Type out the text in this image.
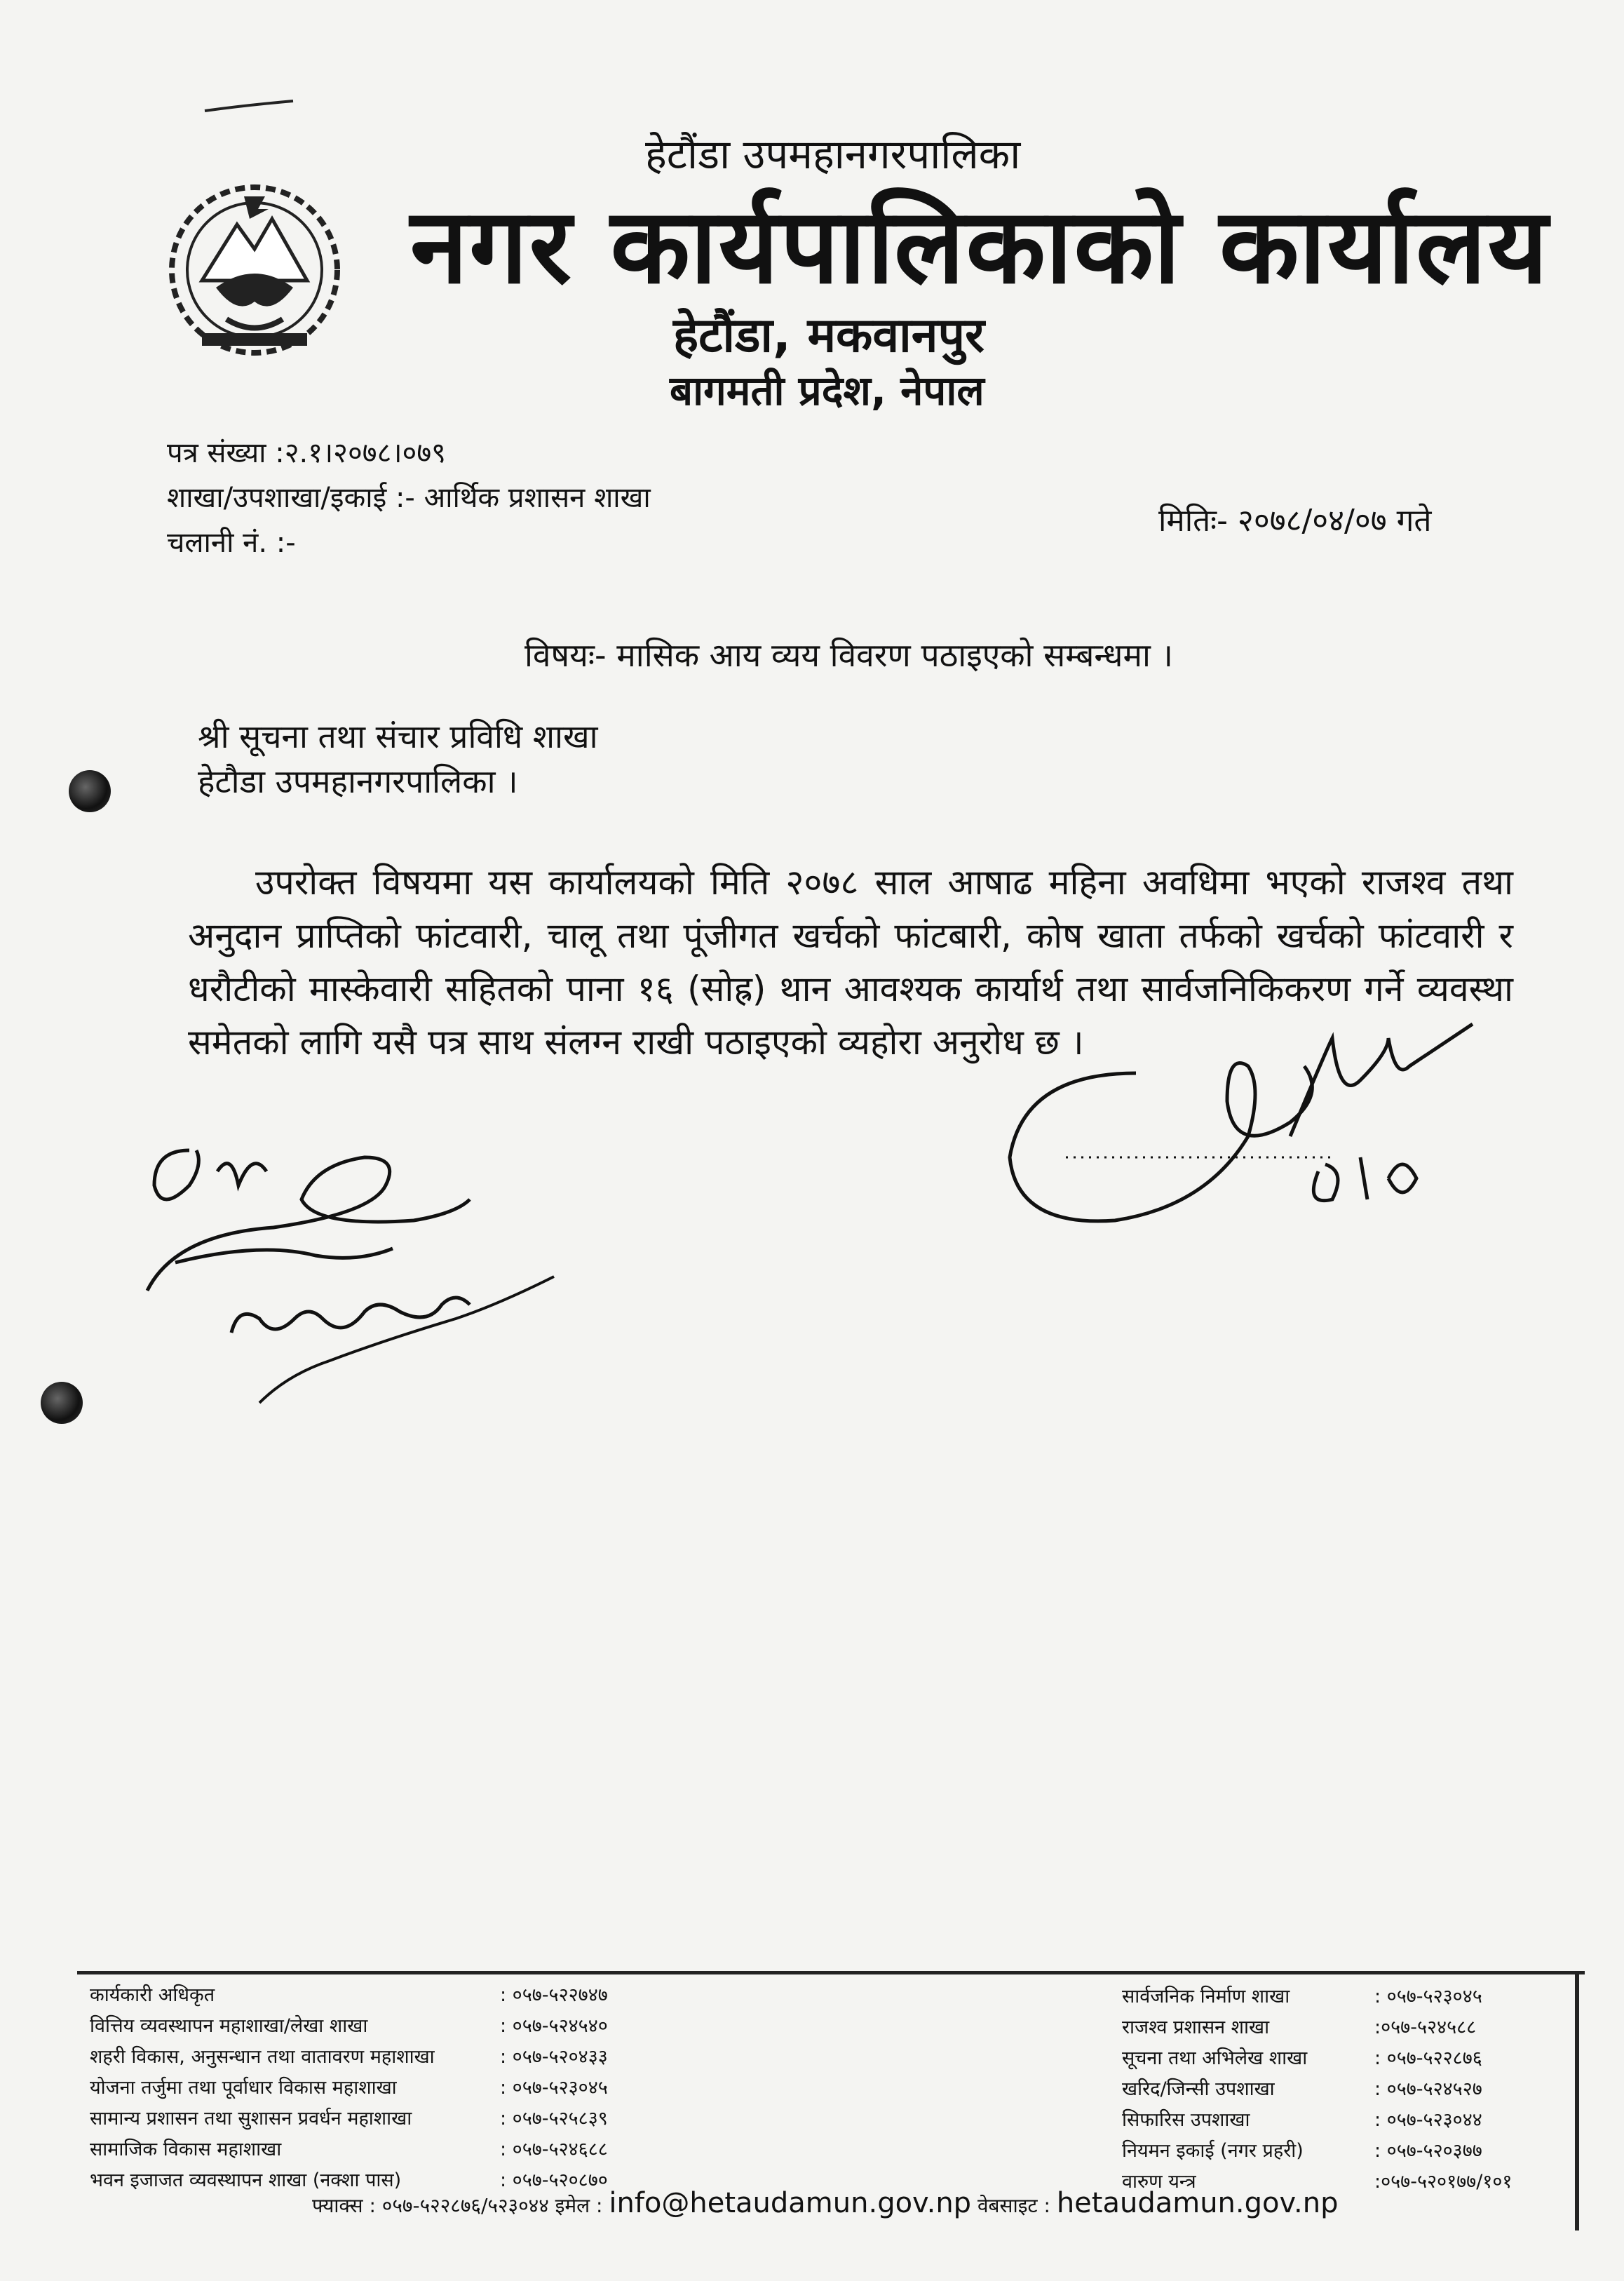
हेटौंडा उपमहानगरपालिका
नगर कार्यपालिकाको कार्यालय
हेटौंडा, मकवानपुर
बागमती प्रदेश, नेपाल
पत्र संख्या :२.१।२०७८।०७९
शाखा/उपशाखा/इकाई :- आर्थिक प्रशासन शाखा
चलानी नं. :-
मितिः- २०७८/०४/०७ गते
विषयः- मासिक आय व्यय विवरण पठाइएको सम्बन्धमा ।
श्री सूचना तथा संचार प्रविधि शाखा
हेटौडा उपमहानगरपालिका ।
उपरोक्त विषयमा यस कार्यालयको मिति २०७८ साल आषाढ महिना अवधिमा भएको राजश्व तथा अनुदान प्राप्तिको फांटवारी, चालू तथा पूंजीगत खर्चको फांटबारी, कोष खाता तर्फको खर्चको फांटवारी र धरौटीको मास्केवारी सहितको पाना १६ (सोह्र) थान आवश्यक कार्यार्थ तथा सार्वजनिकिकरण गर्ने व्यवस्था समेतको लागि यसै पत्र साथ संलग्न राखी पठाइएको व्यहोरा अनुरोध छ ।
कार्यकारी अधिकृत	: ०५७-५२२७४७
वित्तिय व्यवस्थापन महाशाखा/लेखा शाखा	: ०५७-५२४५४०
शहरी विकास, अनुसन्धान तथा वातावरण महाशाखा	: ०५७-५२०४३३
योजना तर्जुमा तथा पूर्वाधार विकास महाशाखा	: ०५७-५२३०४५
सामान्य प्रशासन तथा सुशासन प्रवर्धन महाशाखा	: ०५७-५२५८३९
सामाजिक विकास महाशाखा	: ०५७-५२४६८८
भवन इजाजत व्यवस्थापन शाखा (नक्शा पास)	: ०५७-५२०८७०
सार्वजनिक निर्माण शाखा	: ०५७-५२३०४५
राजश्व प्रशासन शाखा	:०५७-५२४५८८
सूचना तथा अभिलेख शाखा	: ०५७-५२२८७६
खरिद/जिन्सी उपशाखा	: ०५७-५२४५२७
सिफारिस उपशाखा	: ०५७-५२३०४४
नियमन इकाई (नगर प्रहरी)	: ०५७-५२०३७७
वारुण यन्त्र	:०५७-५२०१७७/१०१
फ्याक्स : ०५७-५२२८७६/५२३०४४ इमेल : info@hetaudamun.gov.np वेबसाइट : hetaudamun.gov.np
